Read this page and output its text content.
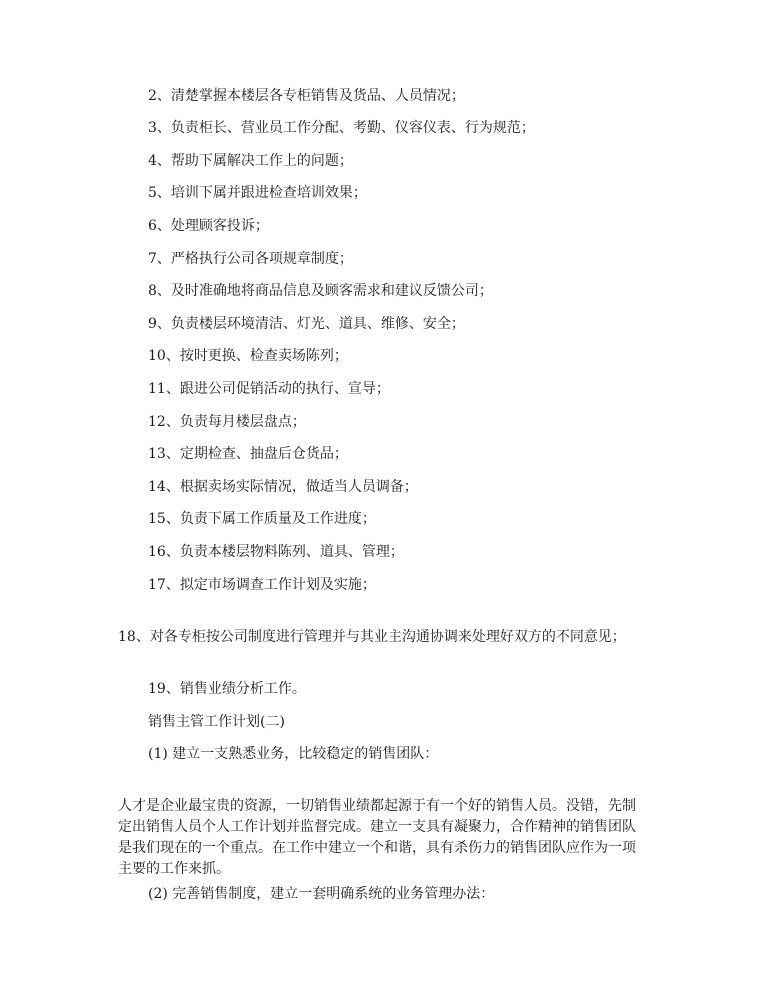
2、清楚掌握本楼层各专柜销售及货品、人员情况；
3、负责柜长、营业员工作分配、考勤、仪容仪表、行为规范；
4、帮助下属解决工作上的问题；
5、培训下属并跟进检查培训效果；
6、处理顾客投诉；
7、严格执行公司各项规章制度；
8、及时准确地将商品信息及顾客需求和建议反馈公司；
9、负责楼层环境清洁、灯光、道具、维修、安全；
10、按时更换、检查卖场陈列；
11、跟进公司促销活动的执行、宣导；
12、负责每月楼层盘点；
13、定期检查、抽盘后仓货品；
14、根据卖场实际情况，做适当人员调备；
15、负责下属工作质量及工作进度；
16、负责本楼层物料陈列、道具、管理；
17、拟定市场调查工作计划及实施；
18、对各专柜按公司制度进行管理并与其业主沟通协调来处理好双方的不同意见；
19、销售业绩分析工作。
销售主管工作计划(二)
(1) 建立一支熟悉业务，比较稳定的销售团队：
人才是企业最宝贵的资源，一切销售业绩都起源于有一个好的销售人员。没错，先制定出销售人员个人工作计划并监督完成。建立一支具有凝聚力，合作精神的销售团队是我们现在的一个重点。在工作中建立一个和谐，具有杀伤力的销售团队应作为一项主要的工作来抓。
(2) 完善销售制度，建立一套明确系统的业务管理办法：
